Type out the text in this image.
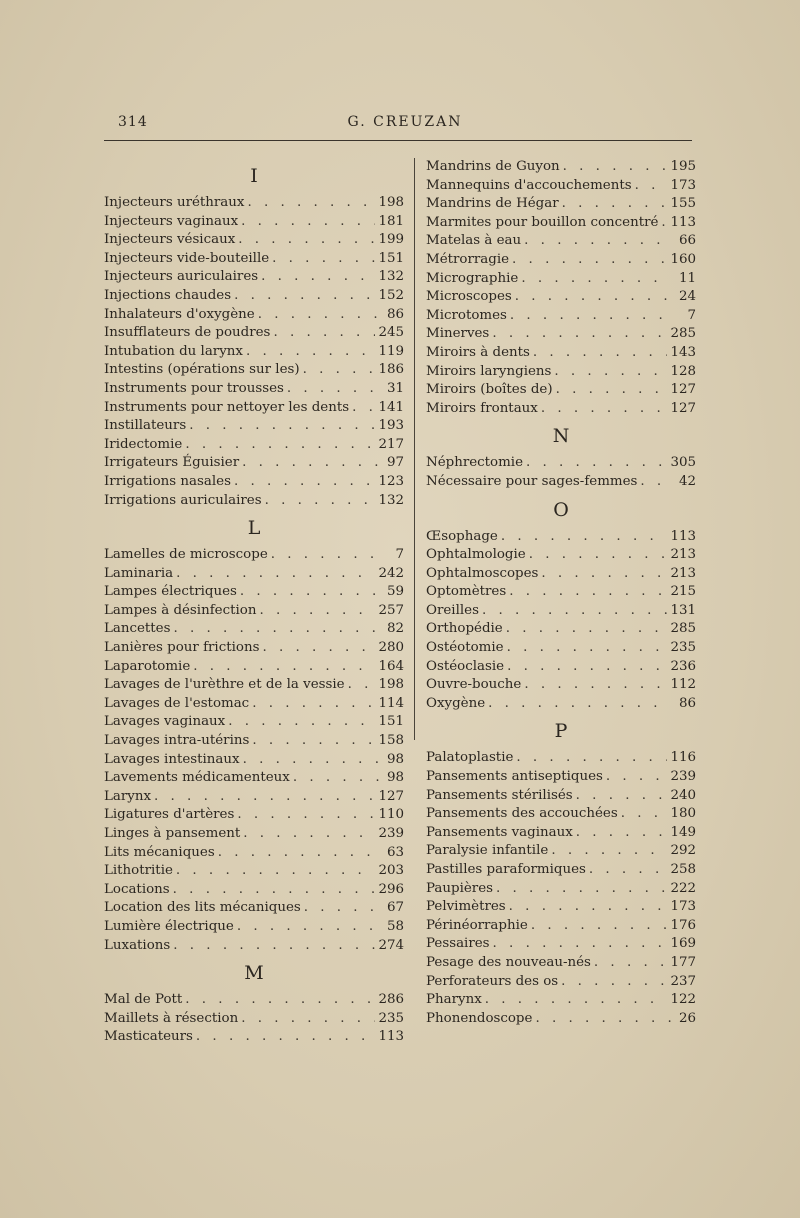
314	G. CREUZAN
I
Injecteurs uréthraux . . .	198
Injecteurs vaginaux . . .	181
Injecteurs vésicaux . . .	199
Injecteurs vide-bouteille . . .	151
Injecteurs auriculaires . . .	132
Injections chaudes . . .	152
Inhalateurs d'oxygène . . .	86
Insufflateurs de poudres . . .	245
Intubation du larynx . . .	119
Intestins (opérations sur les) . . .	186
Instruments pour trousses . . .	31
Instruments pour nettoyer les dents . . . 141
Instillateurs . . .	193
Iridectomie . . .	217
Irrigateurs Éguisier . . .	97
Irrigations nasales . . .	123
Irrigations auriculaires . . .	132
L
Lamelles de microscope . . .	7
Laminaria . . .	242
Lampes électriques . . .	59
Lampes à désinfection . . .	257
Lancettes . . .	82
Lanières pour frictions . . .	280
Laparotomie . . .	164
Lavages de l'urèthre et de la vessie . . .	198
Lavages de l'estomac . . .	114
Lavages vaginaux . . .	151
Lavages intra-utérins . . .	158
Lavages intestinaux . . .	98
Lavements médicamenteux . . .	98
Larynx . . .	127
Ligatures d'artères . . .	110
Linges à pansement . . .	239
Lits mécaniques . . .	63
Lithotritie . . .	203
Locations . . .	296
Location des lits mécaniques . . .	67
Lumière électrique . . .	58
Luxations . . .	274
M
Mal de Pott . . .	286
Maillets à résection . . .	235
Masticateurs . . .	113
Mandrins de Guyon . . .	195
Mannequins d'accouchements . . .	173
Mandrins de Hégar . . .	155
Marmites pour bouillon concentré . . . 113
Matelas à eau . . .	66
Métrorragie . . .	160
Micrographie . . .	11
Microscopes . . .	24
Microtomes . . .	7
Minerves . . .	285
Miroirs à dents . . .	143
Miroirs laryngiens . . .	128
Miroirs (boîtes de) . . .	127
Miroirs frontaux . . .	127
N
Néphrectomie . . .	305
Nécessaire pour sages-femmes . . .	42
O
Œsophage . . .	113
Ophtalmologie . . .	213
Ophtalmoscopes . . .	213
Optomètres . . .	215
Oreilles . . .	131
Orthopédie . . .	285
Ostéotomie . . .	235
Ostéoclasie . . .	236
Ouvre-bouche . . .	112
Oxygène . . .	86
P
Palatoplastie . . .	116
Pansements antiseptiques . . .	239
Pansements stérilisés . . .	240
Pansements des accouchées . . .	180
Pansements vaginaux . . .	149
Paralysie infantile . . .	292
Pastilles paraformiques . . .	258
Paupières . . .	222
Pelvimètres . . .	173
Périnéorraphie . . .	176
Pessaires . . .	169
Pesage des nouveau-nés . . .	177
Perforateurs des os . . .	237
Pharynx . . .	122
Phonendoscope . . .	26
